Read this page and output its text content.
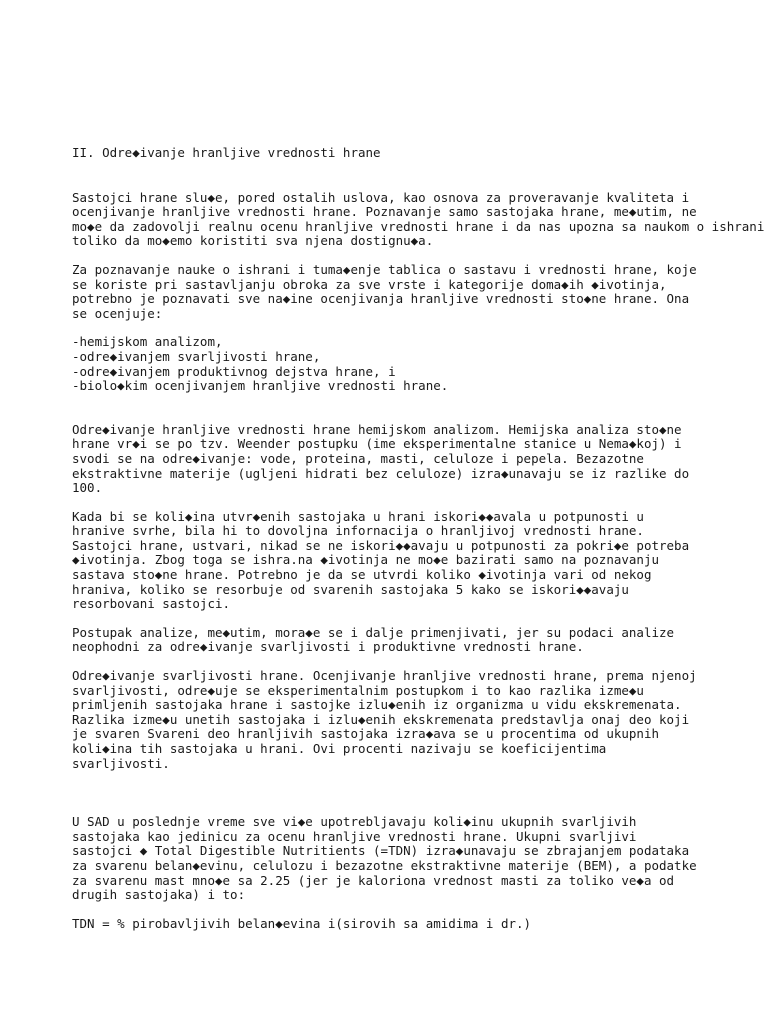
II. Odre◆ivanje hranljive vrednosti hrane
Sastojci hrane slu◆e, pored ostalih uslova, kao osnova za proveravanje kvaliteta i
ocenjivanje hranljive vrednosti hrane. Poznavanje samo sastojaka hrane, me◆utim, ne
mo◆e da zadovolji realnu ocenu hranljive vrednosti hrane i da nas upozna sa naukom o ishrani
toliko da mo◆emo koristiti sva njena dostignu◆a.
Za poznavanje nauke o ishrani i tuma◆enje tablica o sastavu i vrednosti hrane, koje
se koriste pri sastavljanju obroka za sve vrste i kategorije doma◆ih ◆ivotinja,
potrebno je poznavati sve na◆ine ocenjivanja hranljive vrednosti sto◆ne hrane. Ona
se ocenjuje:
-hemijskom analizom,
-odre◆ivanjem svarljivosti hrane,
-odre◆ivanjem produktivnog dejstva hrane, i
-biolo◆kim ocenjivanjem hranljive vrednosti hrane.
Odre◆ivanje hranljive vrednosti hrane hemijskom analizom. Hemijska analiza sto◆ne
hrane vr◆i se po tzv. Weender postupku (ime eksperimentalne stanice u Nema◆koj) i
svodi se na odre◆ivanje: vode, proteina, masti, celuloze i pepela. Bezazotne
ekstraktivne materije (ugljeni hidrati bez celuloze) izra◆unavaju se iz razlike do
100.
Kada bi se koli◆ina utvr◆enih sastojaka u hrani iskori◆◆avala u potpunosti u
hranive svrhe, bila hi to dovoljna infornacija o hranljivoj vrednosti hrane.
Sastojci hrane, ustvari, nikad se ne iskori◆◆avaju u potpunosti za pokri◆e potreba
◆ivotinja. Zbog toga se ishra.na ◆ivotinja ne mo◆e bazirati samo na poznavanju
sastava sto◆ne hrane. Potrebno je da se utvrdi koliko ◆ivotinja vari od nekog
hraniva, koliko se resorbuje od svarenih sastojaka 5 kako se iskori◆◆avaju
resorbovani sastojci.
Postupak analize, me◆utim, mora◆e se i dalje primenjivati, jer su podaci analize
neophodni za odre◆ivanje svarljivosti i produktivne vrednosti hrane.
Odre◆ivanje svarljivosti hrane. Ocenjivanje hranljive vrednosti hrane, prema njenoj
svarljivosti, odre◆uje se eksperimentalnim postupkom i to kao razlika izme◆u
primljenih sastojaka hrane i sastojke izlu◆enih iz organizma u vidu ekskremenata.
Razlika izme◆u unetih sastojaka i izlu◆enih ekskremenata predstavlja onaj deo koji
je svaren Svareni deo hranljivih sastojaka izra◆ava se u procentima od ukupnih
koli◆ina tih sastojaka u hrani. Ovi procenti nazivaju se koeficijentima
svarljivosti.
U SAD u poslednje vreme sve vi◆e upotrebljavaju koli◆inu ukupnih svarljivih
sastojaka kao jedinicu za ocenu hranljive vrednosti hrane. Ukupni svarljivi
sastojci ◆ Total Digestible Nutritients (=TDN) izra◆unavaju se zbrajanjem podataka
za svarenu belan◆evinu, celulozu i bezazotne ekstraktivne materije (BEM), a podatke
za svarenu mast mno◆e sa 2.25 (jer je kaloriona vrednost masti za toliko ve◆a od
drugih sastojaka) i to:
TDN = % pirobavljivih belan◆evina i(sirovih sa amidima i dr.)
